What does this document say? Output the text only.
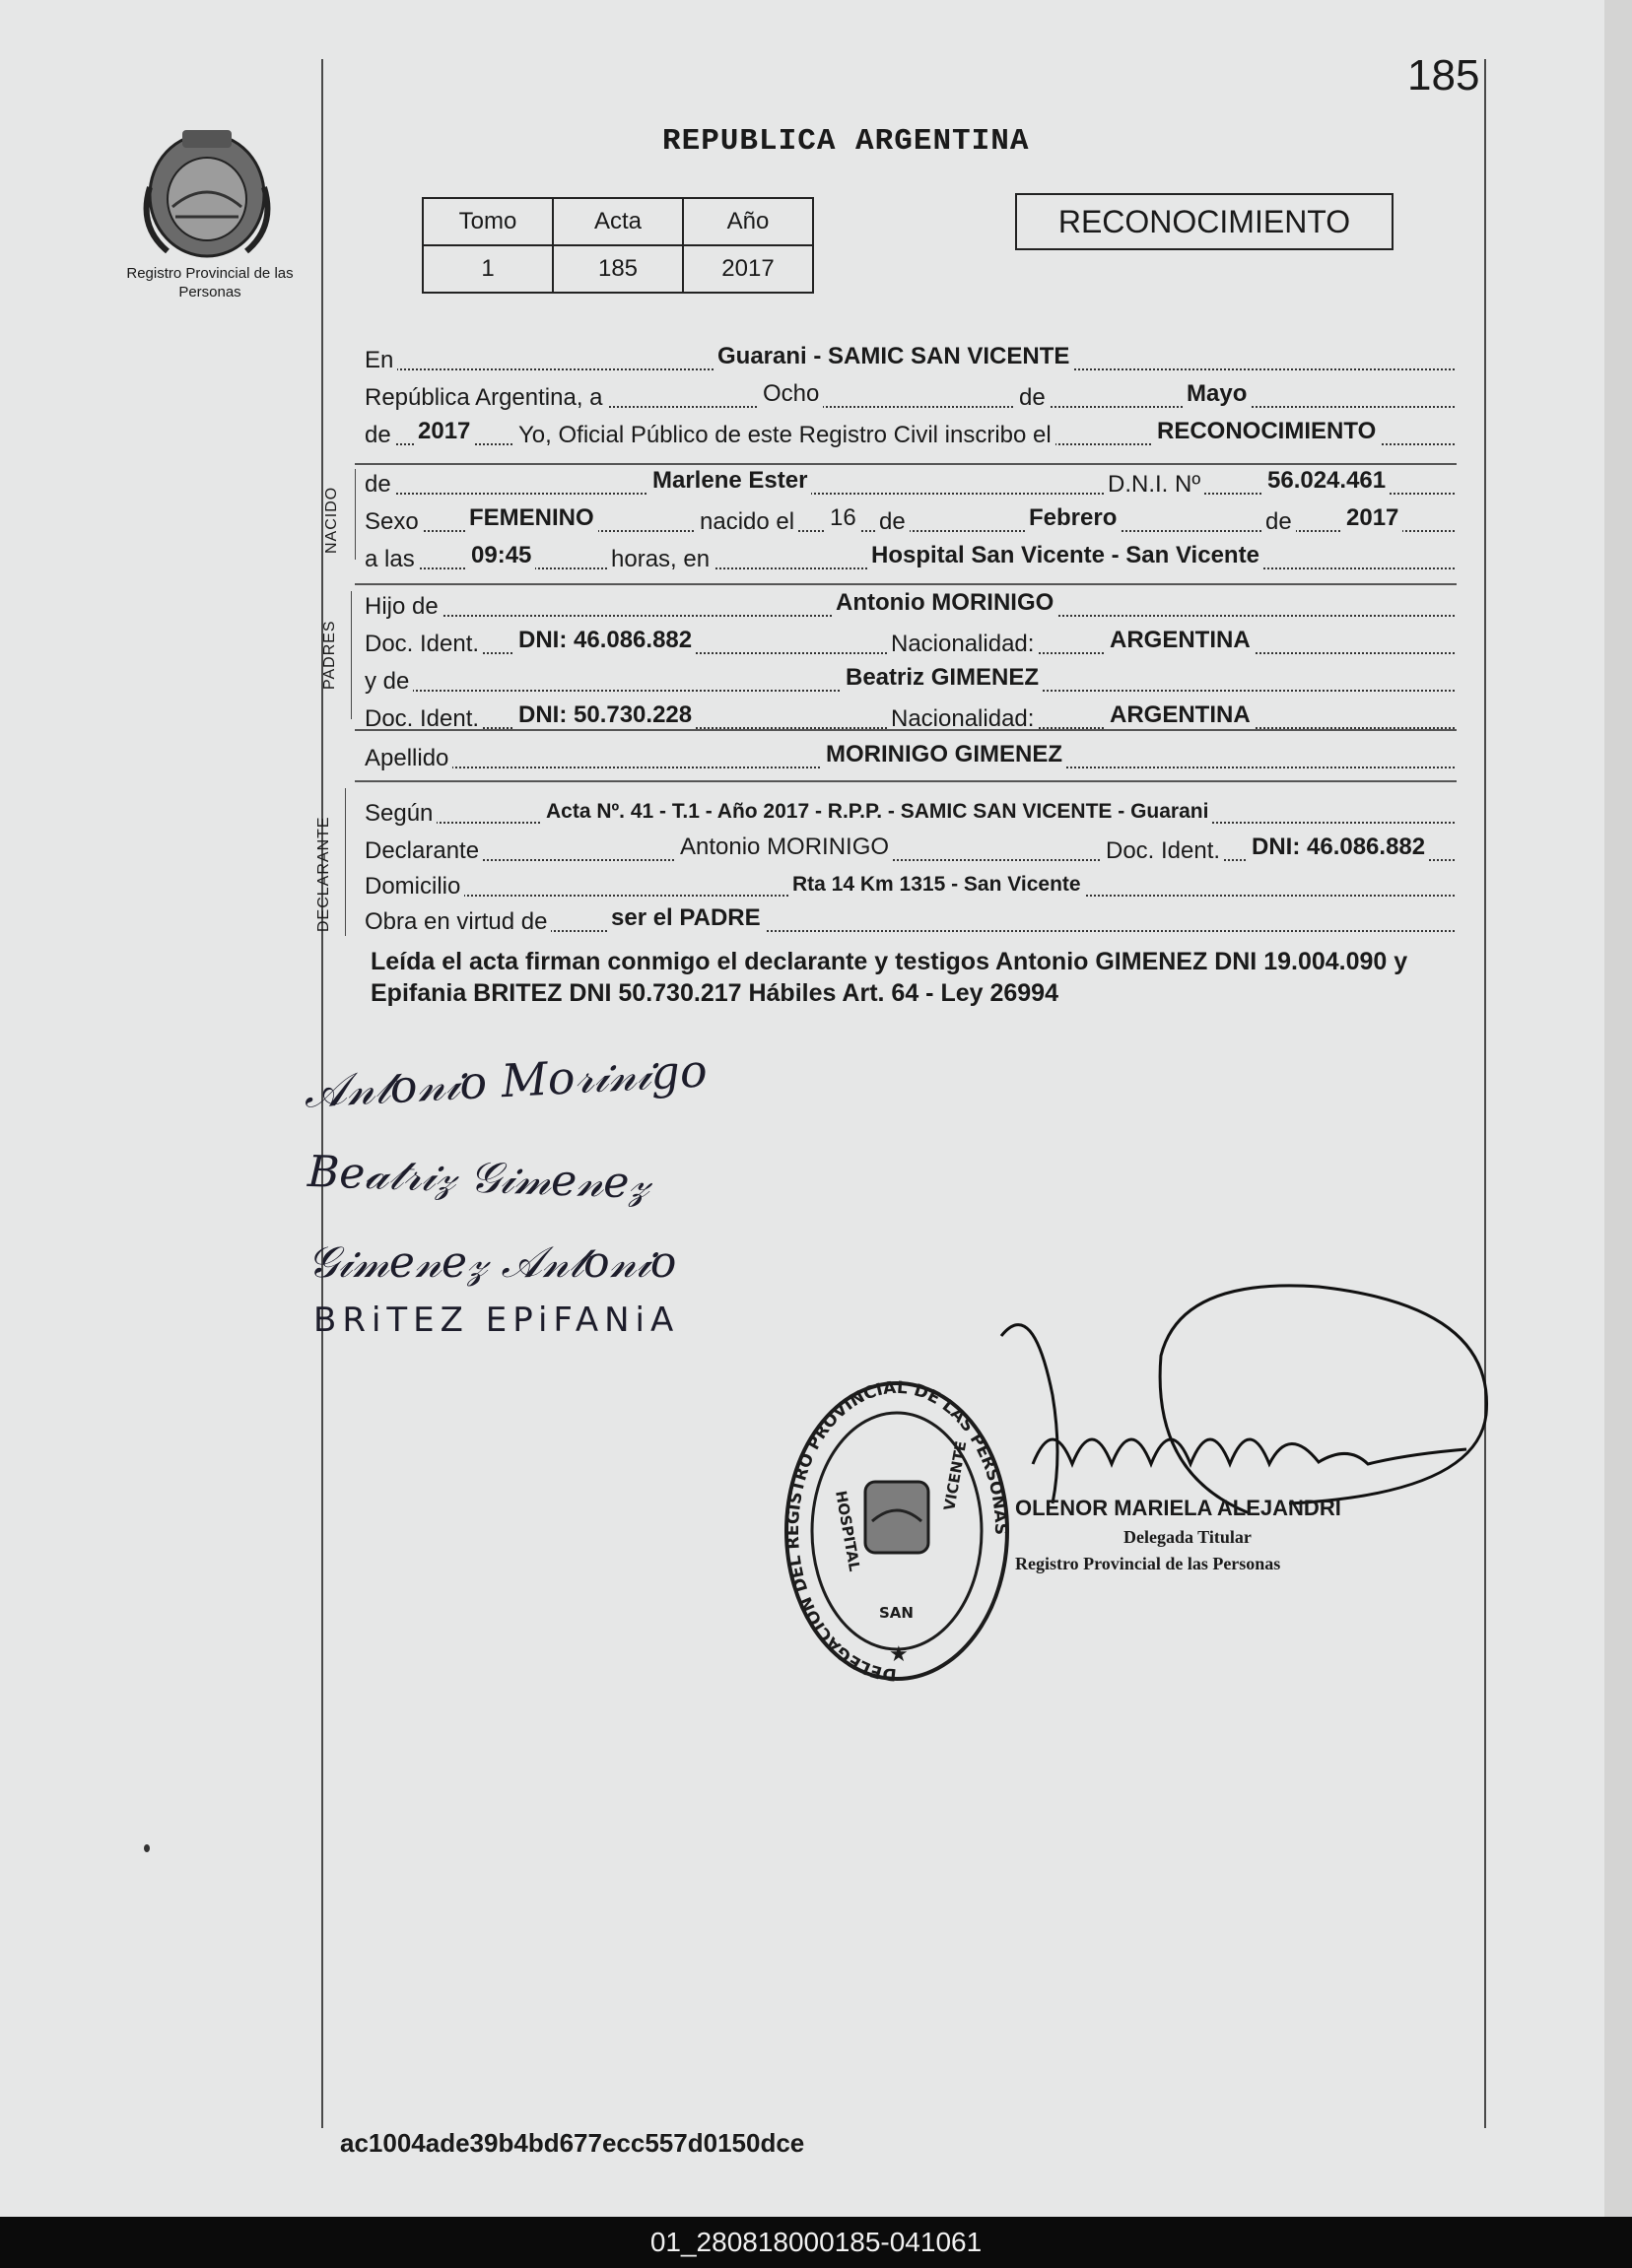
185
Registro Provincial de las Personas
REPUBLICA ARGENTINA
Tomo	Acta	Año
1	185	2017
RECONOCIMIENTO
En	Guarani - SAMIC SAN VICENTE
República Argentina, a	Ocho	de	Mayo
de 2017 Yo, Oficial Público de este Registro Civil inscribo el	RECONOCIMIENTO
NACIDO
de	Marlene Ester	D.N.I. Nº	56.024.461
Sexo FEMENINO	nacido el 16 de	Febrero	de 2017
a las 09:45	horas, en	Hospital San Vicente - San Vicente
PADRES
Hijo de	Antonio MORINIGO
Doc. Ident. DNI: 46.086.882	Nacionalidad:	ARGENTINA
y de	Beatriz GIMENEZ
Doc. Ident. DNI: 50.730.228	Nacionalidad:	ARGENTINA
Apellido	MORINIGO GIMENEZ
DECLARANTE
Según	Acta Nº. 41 - T.1 - Año 2017 - R.P.P. - SAMIC SAN VICENTE - Guarani
Declarante	Antonio MORINIGO	Doc. Ident. DNI: 46.086.882
Domicilio	Rta 14 Km 1315 - San Vicente
Obra en virtud de	ser el PADRE
Leída el acta firman conmigo el declarante y testigos Antonio GIMENEZ DNI 19.004.090 y Epifania BRITEZ DNI 50.730.217 Hábiles Art. 64 - Ley 26994
𝒜𝓃𝓉𝑜𝓃𝒾𝑜 𝑀𝑜𝓇𝒾𝓃𝒾𝑔𝑜
𝐵𝑒𝒶𝓉𝓇𝒾𝓏 𝒢𝒾𝓂𝑒𝓃𝑒𝓏
𝒢𝒾𝓂𝑒𝓃𝑒𝓏 𝒜𝓃𝓉𝑜𝓃𝒾𝑜
BRiTEZ EPiFANiA
DELEGACION DEL REGISTRO PROVINCIAL DE LAS PERSONAS
HOSPITAL
VICENTE
SAN
★
OLENOR MARIELA ALEJANDRI
Delegada Titular
Registro Provincial de las Personas
ac1004ade39b4bd677ecc557d0150dce
01_280818000185-041061
